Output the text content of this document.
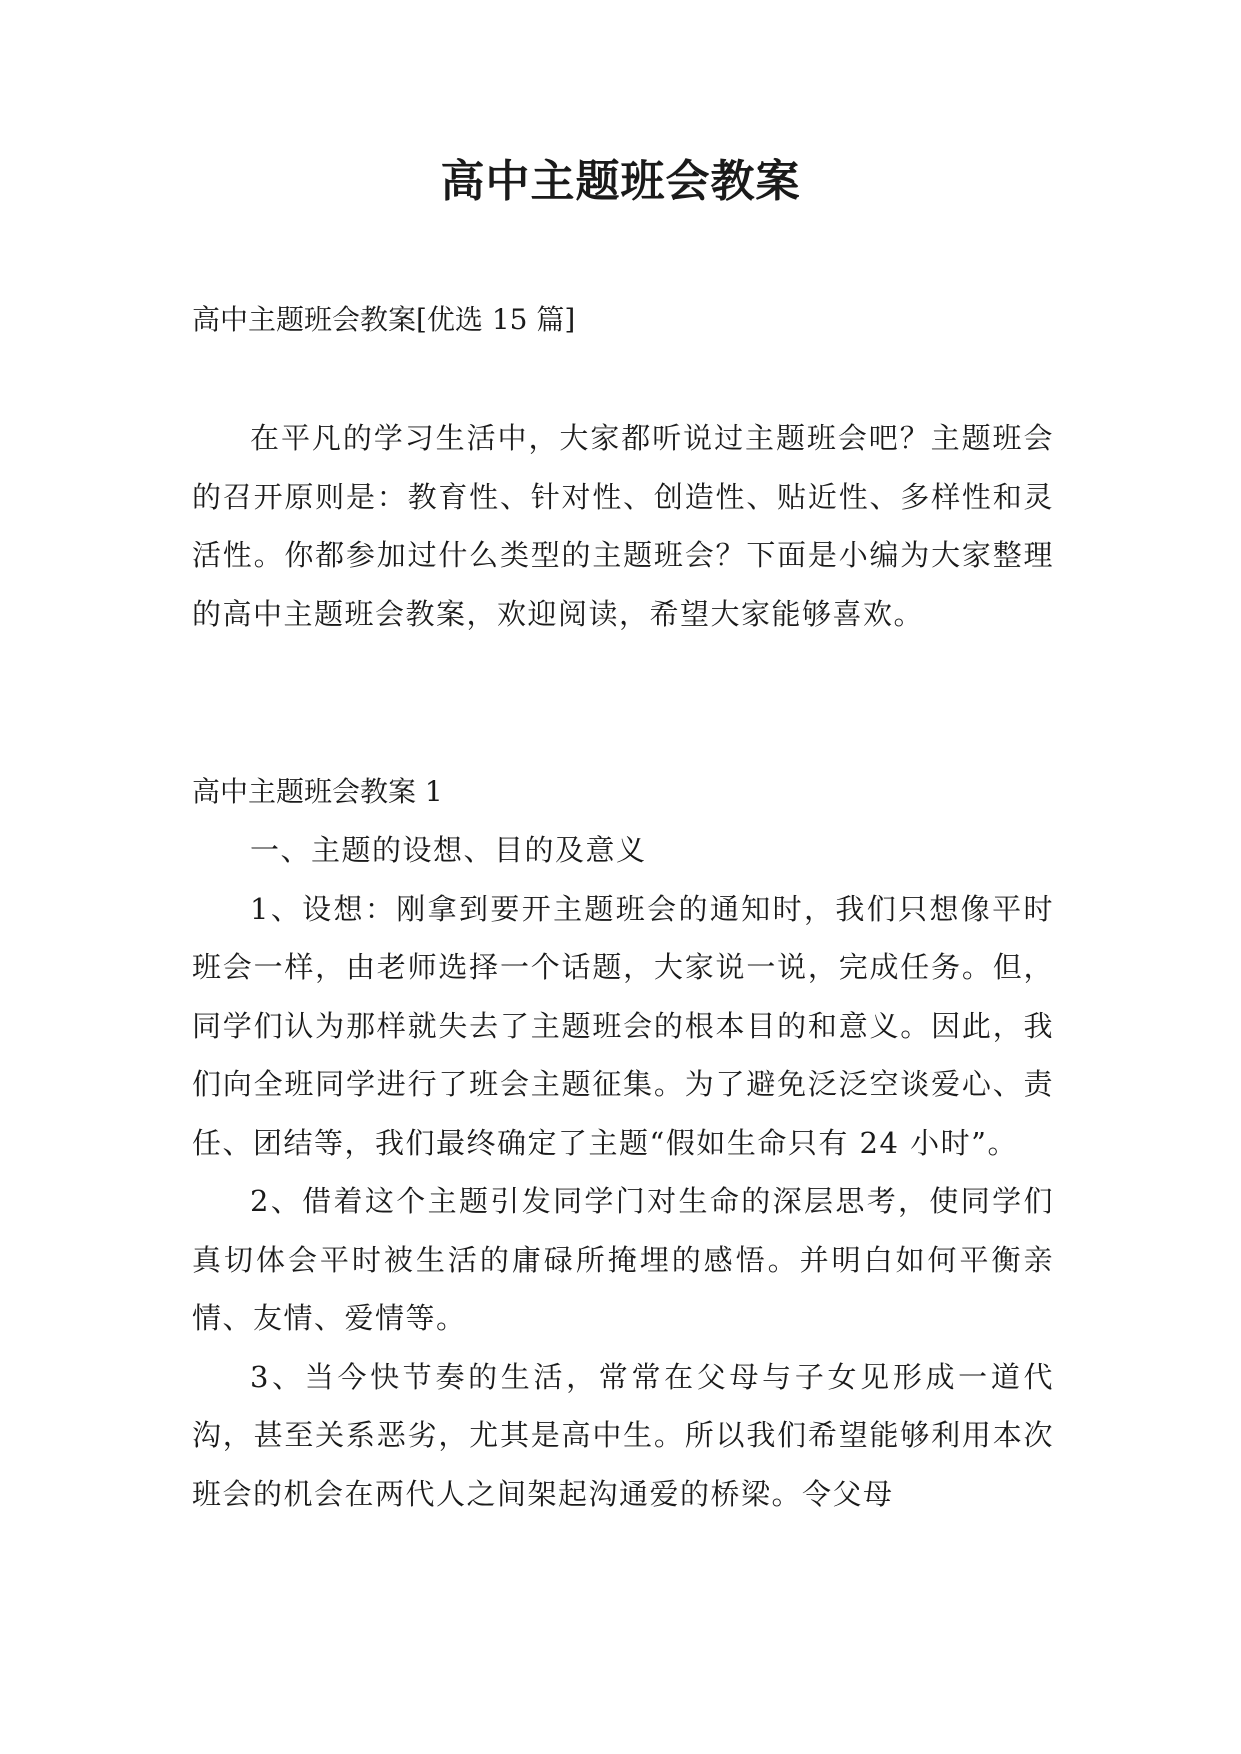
高中主题班会教案

高中主题班会教案[优选 15 篇]

在平凡的学习生活中，大家都听说过主题班会吧？主题班会的召开原则是：教育性、针对性、创造性、贴近性、多样性和灵活性。你都参加过什么类型的主题班会？下面是小编为大家整理的高中主题班会教案，欢迎阅读，希望大家能够喜欢。

高中主题班会教案 1

一、主题的设想、目的及意义

1、设想：刚拿到要开主题班会的通知时，我们只想像平时班会一样，由老师选择一个话题，大家说一说，完成任务。但，同学们认为那样就失去了主题班会的根本目的和意义。因此，我们向全班同学进行了班会主题征集。为了避免泛泛空谈爱心、责任、团结等，我们最终确定了主题“假如生命只有 24 小时”。

2、借着这个主题引发同学门对生命的深层思考，使同学们真切体会平时被生活的庸碌所掩埋的感悟。并明白如何平衡亲情、友情、爱情等。

3、当今快节奏的生活，常常在父母与子女见形成一道代沟，甚至关系恶劣，尤其是高中生。所以我们希望能够利用本次班会的机会在两代人之间架起沟通爱的桥梁。令父母
